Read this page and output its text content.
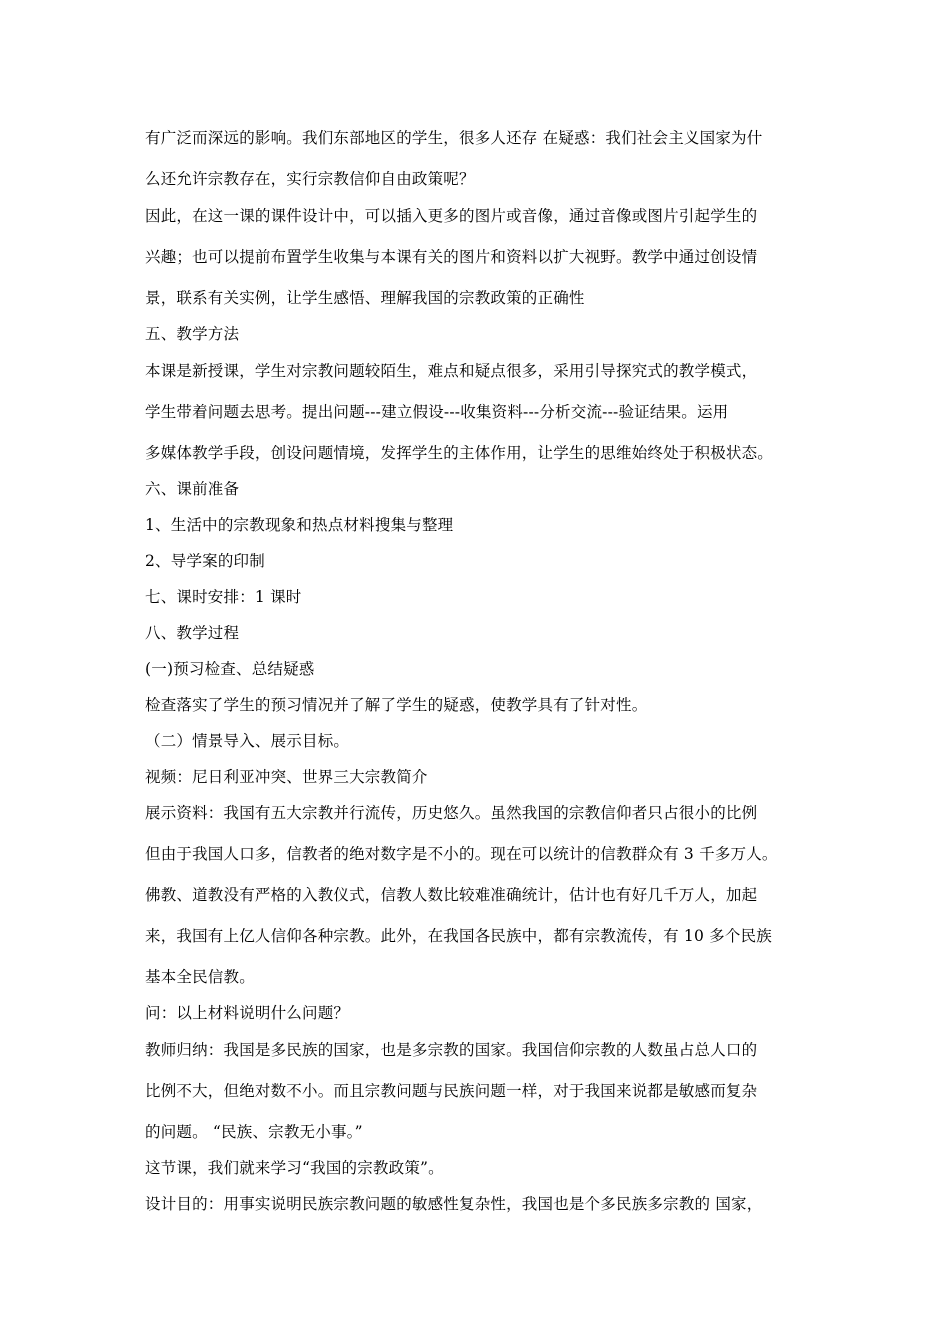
有广泛而深远的影响。我们东部地区的学生，很多人还存 在疑惑：我们社会主义国家为什
么还允许宗教存在，实行宗教信仰自由政策呢？
因此，在这一课的课件设计中，可以插入更多的图片或音像，通过音像或图片引起学生的
兴趣；也可以提前布置学生收集与本课有关的图片和资料以扩大视野。教学中通过创设情
景，联系有关实例，让学生感悟、理解我国的宗教政策的正确性
五、教学方法
本课是新授课，学生对宗教问题较陌生，难点和疑点很多，采用引导探究式的教学模式，
学生带着问题去思考。提出问题---建立假设---收集资料---分析交流---验证结果。运用
多媒体教学手段，创设问题情境，发挥学生的主体作用，让学生的思维始终处于积极状态。
六、课前准备
1、生活中的宗教现象和热点材料搜集与整理
2、导学案的印制
七、课时安排：1 课时
八、教学过程
(一)预习检查、总结疑惑
检查落实了学生的预习情况并了解了学生的疑惑，使教学具有了针对性。
（二）情景导入、展示目标。
视频：尼日利亚冲突、世界三大宗教简介
展示资料：我国有五大宗教并行流传，历史悠久。虽然我国的宗教信仰者只占很小的比例
但由于我国人口多，信教者的绝对数字是不小的。现在可以统计的信教群众有 3 千多万人。
佛教、道教没有严格的入教仪式，信教人数比较难准确统计，估计也有好几千万人，加起
来，我国有上亿人信仰各种宗教。此外，在我国各民族中，都有宗教流传，有 10 多个民族
基本全民信教。
问：以上材料说明什么问题？
教师归纳：我国是多民族的国家，也是多宗教的国家。我国信仰宗教的人数虽占总人口的
比例不大，但绝对数不小。而且宗教问题与民族问题一样，对于我国来说都是敏感而复杂
的问题。 “民族、宗教无小事。”
这节课，我们就来学习“我国的宗教政策”。
设计目的：用事实说明民族宗教问题的敏感性复杂性，我国也是个多民族多宗教的 国家，
